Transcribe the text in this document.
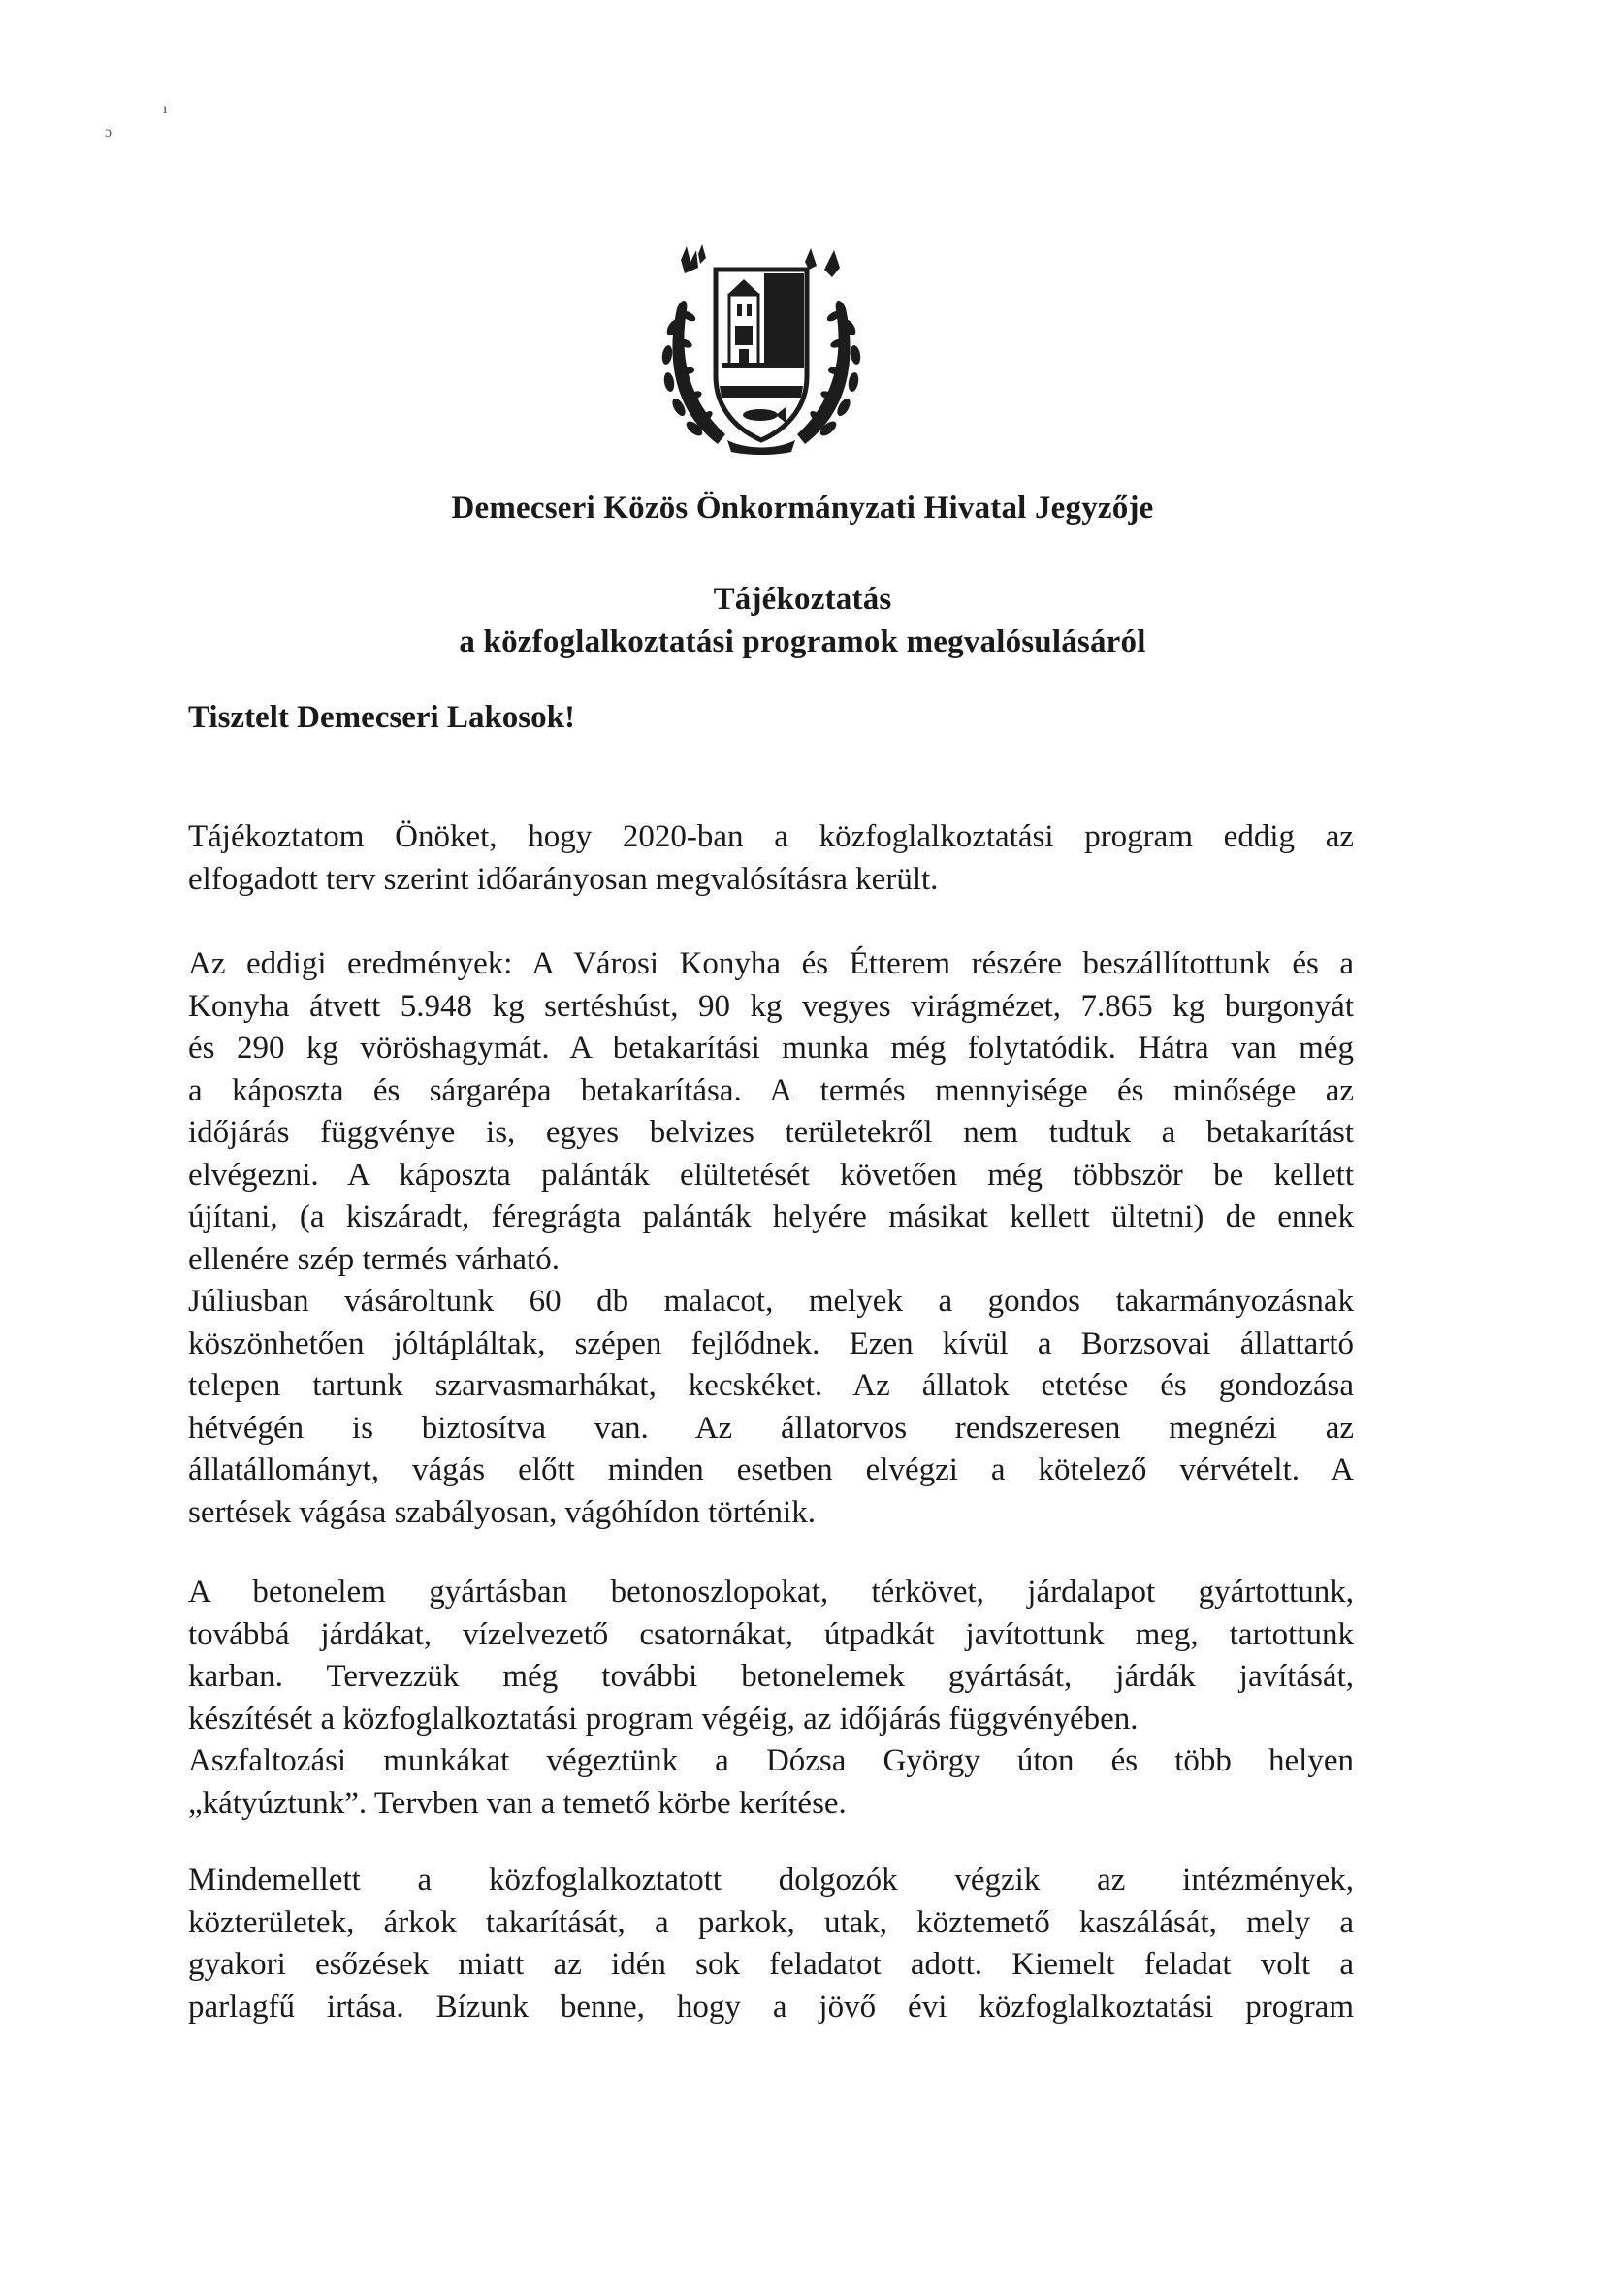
ɔ
ı
Demecseri Közös Önkormányzati Hivatal Jegyzője
Tájékoztatás
a közfoglalkoztatási programok megvalósulásáról
Tisztelt Demecseri Lakosok!
Tájékoztatom Önöket, hogy 2020-ban a közfoglalkoztatási program eddig az
elfogadott terv szerint időarányosan megvalósításra került.
Az eddigi eredmények: A Városi Konyha és Étterem részére beszállítottunk és a
Konyha átvett 5.948 kg sertéshúst, 90 kg vegyes virágmézet, 7.865 kg burgonyát
és 290 kg vöröshagymát. A betakarítási munka még folytatódik. Hátra van még
a káposzta és sárgarépa betakarítása. A termés mennyisége és minősége az
időjárás függvénye is, egyes belvizes területekről nem tudtuk a betakarítást
elvégezni. A káposzta palánták elültetését követően még többször be kellett
újítani, (a kiszáradt, féregrágta palánták helyére másikat kellett ültetni) de ennek
ellenére szép termés várható.
Júliusban vásároltunk 60 db malacot, melyek a gondos takarmányozásnak
köszönhetően jóltápláltak, szépen fejlődnek. Ezen kívül a Borzsovai állattartó
telepen tartunk szarvasmarhákat, kecskéket. Az állatok etetése és gondozása
hétvégén is biztosítva van. Az állatorvos rendszeresen megnézi az
állatállományt, vágás előtt minden esetben elvégzi a kötelező vérvételt. A
sertések vágása szabályosan, vágóhídon történik.
A betonelem gyártásban betonoszlopokat, térkövet, járdalapot gyártottunk,
továbbá járdákat, vízelvezető csatornákat, útpadkát javítottunk meg, tartottunk
karban. Tervezzük még további betonelemek gyártását, járdák javítását,
készítését a közfoglalkoztatási program végéig, az időjárás függvényében.
Aszfaltozási munkákat végeztünk a Dózsa György úton és több helyen
„kátyúztunk”. Tervben van a temető körbe kerítése.
Mindemellett a közfoglalkoztatott dolgozók végzik az intézmények,
közterületek, árkok takarítását, a parkok, utak, köztemető kaszálását, mely a
gyakori esőzések miatt az idén sok feladatot adott. Kiemelt feladat volt a
parlagfű irtása. Bízunk benne, hogy a jövő évi közfoglalkoztatási program
